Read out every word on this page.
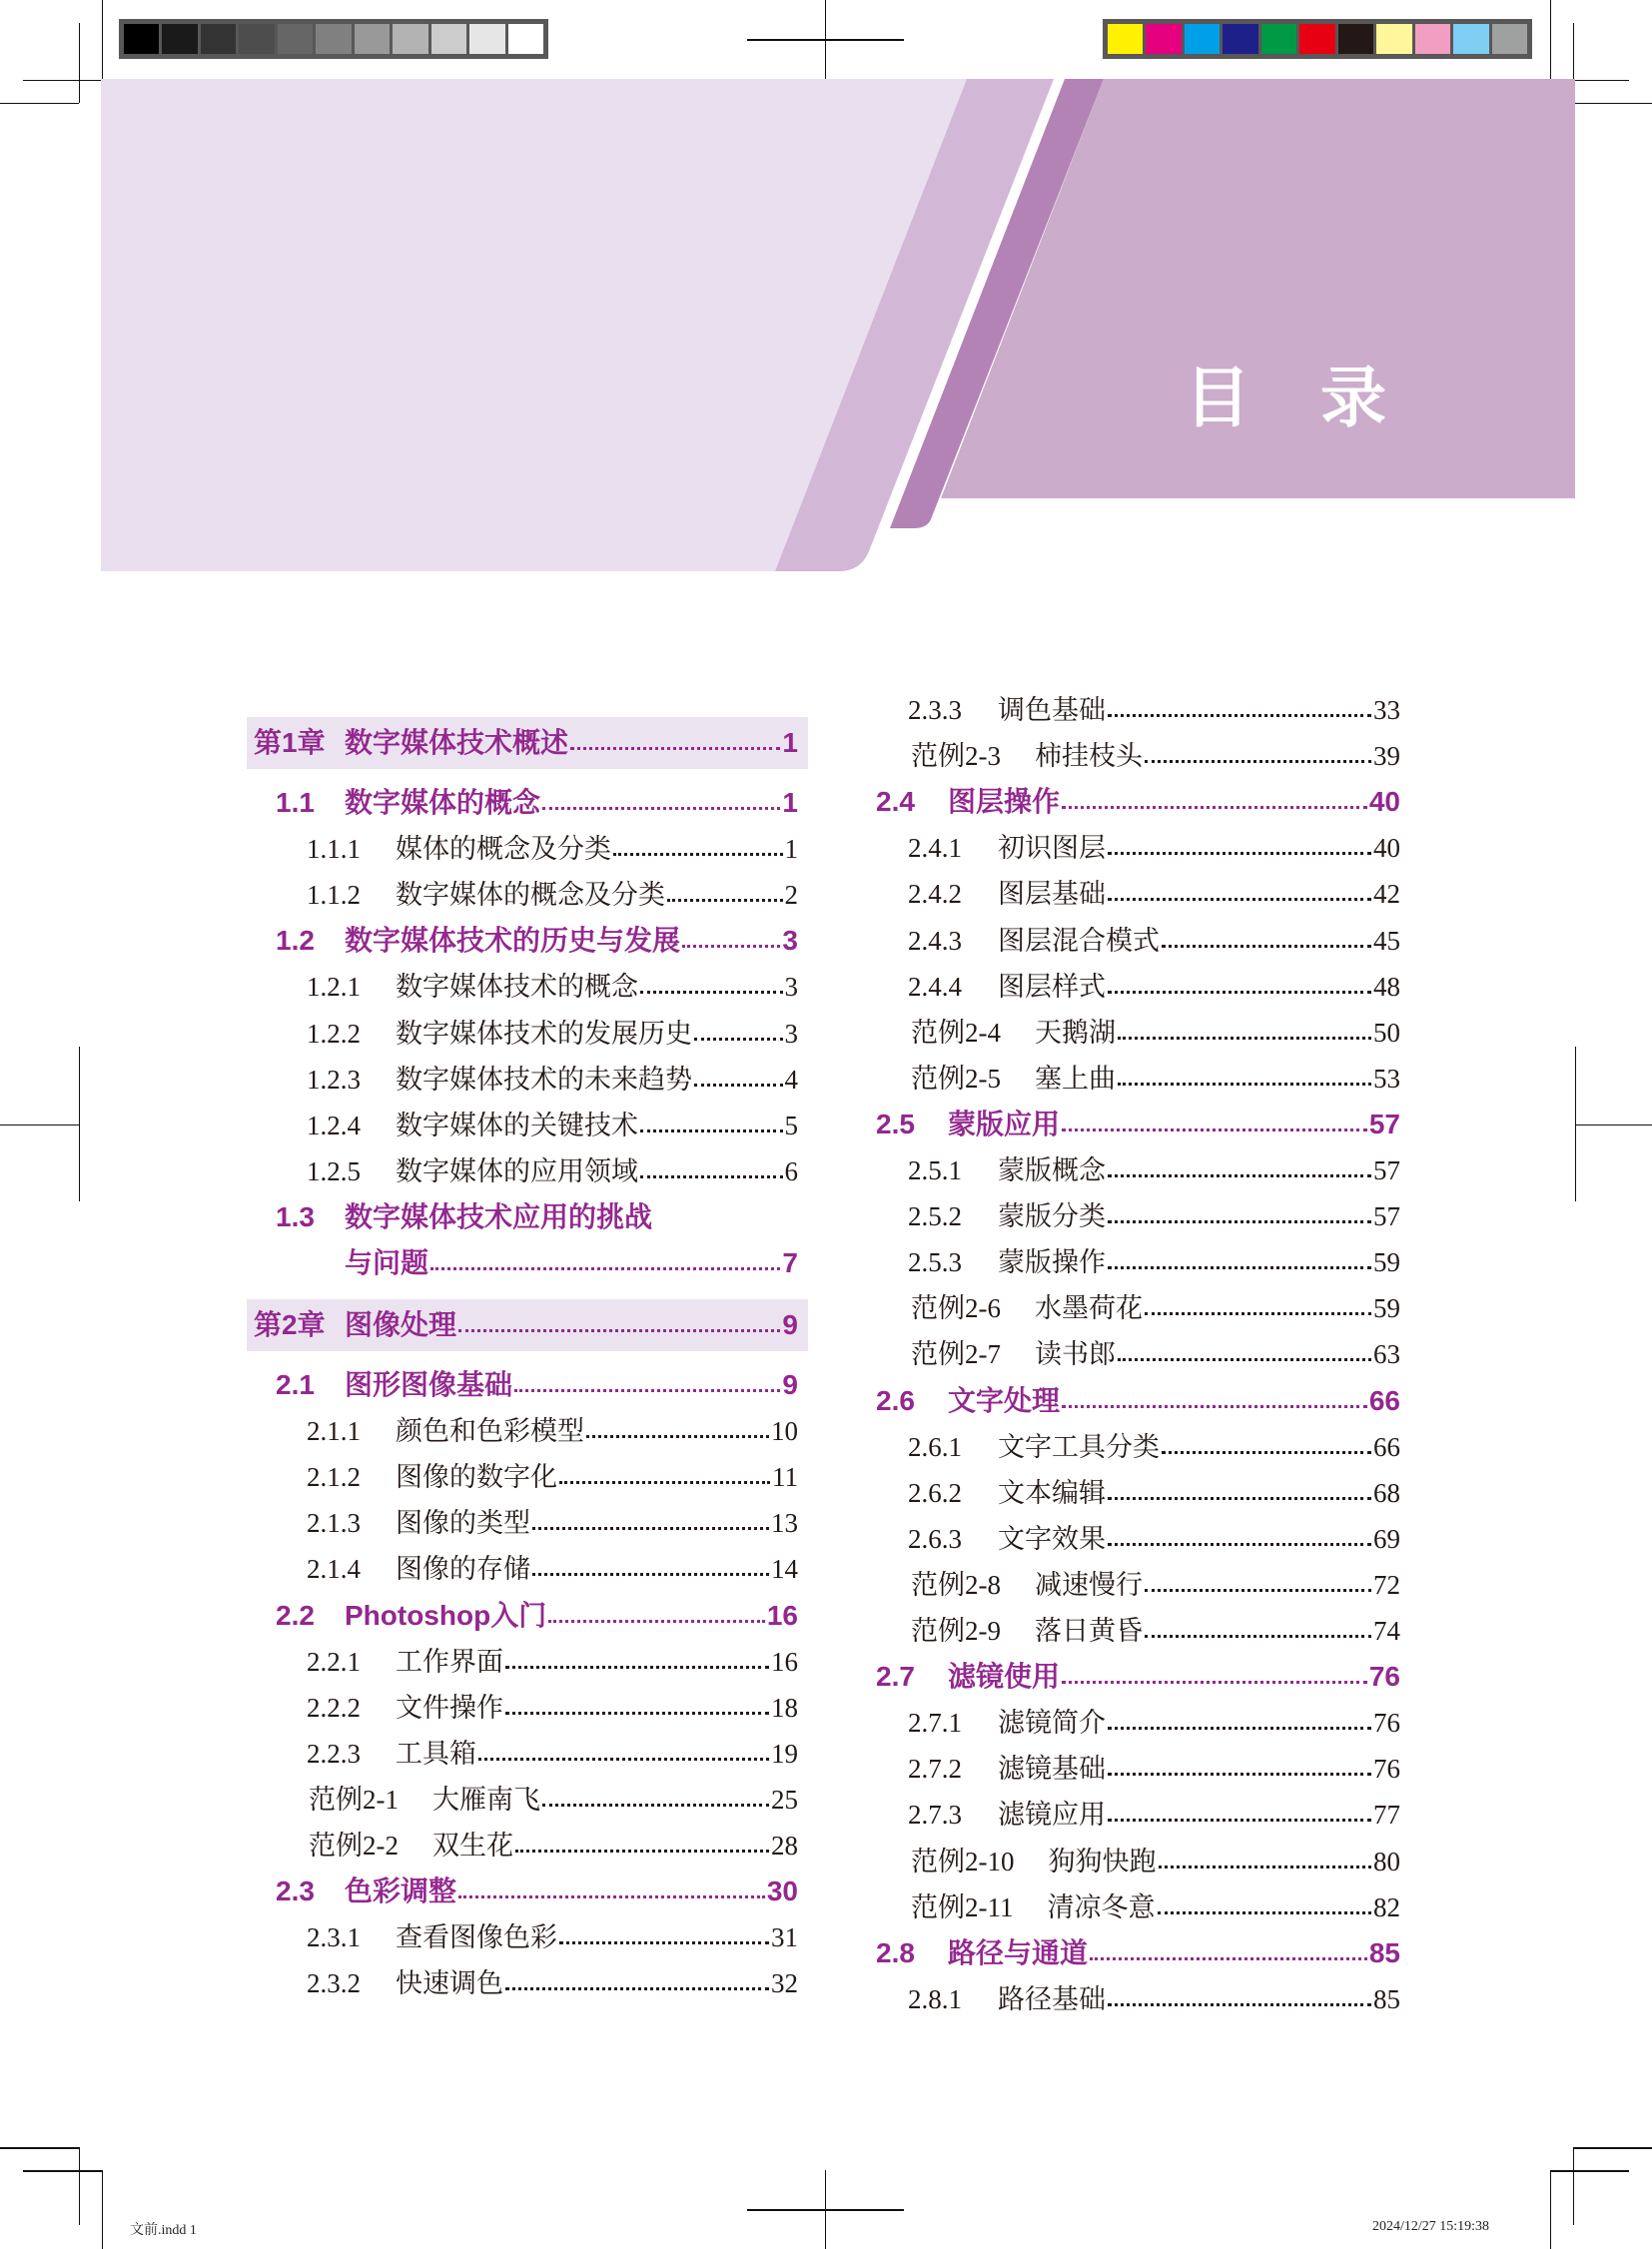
目录
第1章 数字媒体技术概述	1
1.1	数字媒体的概念	1
1.1.1	媒体的概念及分类	1
1.1.2	数字媒体的概念及分类	2
1.2	数字媒体技术的历史与发展	3
1.2.1	数字媒体技术的概念	3
1.2.2	数字媒体技术的发展历史	3
1.2.3	数字媒体技术的未来趋势	4
1.2.4	数字媒体的关键技术	5
1.2.5	数字媒体的应用领域	6
1.3	数字媒体技术应用的挑战
与问题	7
第2章 图像处理	9
2.1	图形图像基础	9
2.1.1	颜色和色彩模型	10
2.1.2	图像的数字化	11
2.1.3	图像的类型	13
2.1.4	图像的存储	14
2.2	Photoshop入门	16
2.2.1	工作界面	16
2.2.2	文件操作	18
2.2.3	工具箱	19
范例2-1	大雁南飞	25
范例2-2	双生花	28
2.3	色彩调整	30
2.3.1	查看图像色彩	31
2.3.2	快速调色	32
2.3.3	调色基础	33
范例2-3	柿挂枝头	39
2.4	图层操作	40
2.4.1	初识图层	40
2.4.2	图层基础	42
2.4.3	图层混合模式	45
2.4.4	图层样式	48
范例2-4	天鹅湖	50
范例2-5	塞上曲	53
2.5	蒙版应用	57
2.5.1	蒙版概念	57
2.5.2	蒙版分类	57
2.5.3	蒙版操作	59
范例2-6	水墨荷花	59
范例2-7	读书郎	63
2.6	文字处理	66
2.6.1	文字工具分类	66
2.6.2	文本编辑	68
2.6.3	文字效果	69
范例2-8	减速慢行	72
范例2-9	落日黄昏	74
2.7	滤镜使用	76
2.7.1	滤镜简介	76
2.7.2	滤镜基础	76
2.7.3	滤镜应用	77
范例2-10	狗狗快跑	80
范例2-11	清凉冬意	82
2.8	路径与通道	85
2.8.1	路径基础	85
文前.indd 1	2024/12/27 15:19:38
